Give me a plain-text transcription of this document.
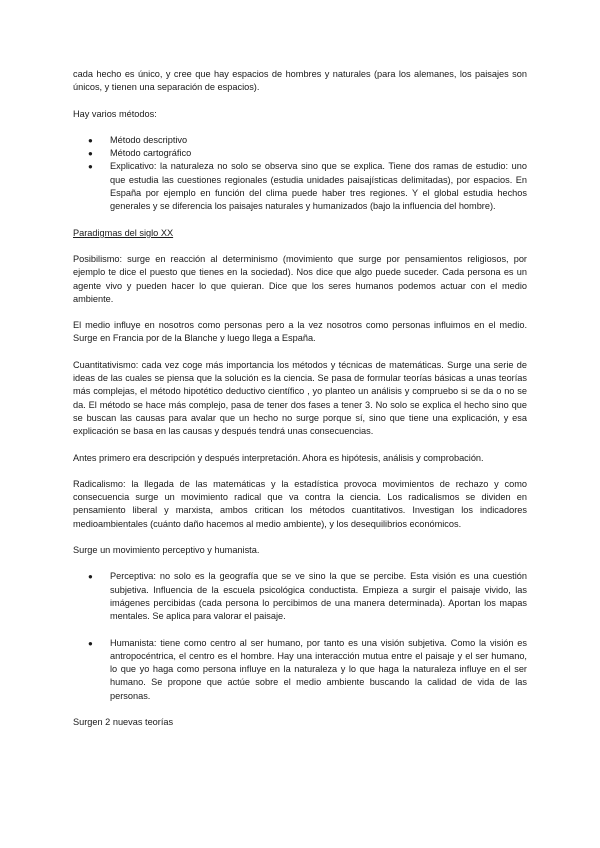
cada hecho es único, y cree que hay espacios de hombres y naturales (para los alemanes, los paisajes son únicos, y tienen una separación de espacios).

Hay varios métodos:

● Método descriptivo
● Método cartográfico
● Explicativo: la naturaleza no solo se observa sino que se explica. Tiene dos ramas de estudio: uno que estudia las cuestiones regionales (estudia unidades paisajísticas delimitadas), por espacios. En España por ejemplo en función del clima puede haber tres regiones. Y el global estudia hechos generales y se diferencia los paisajes naturales y humanizados (bajo la influencia del hombre).

Paradigmas del siglo XX

Posibilismo: surge en reacción al determinismo (movimiento que surge por pensamientos religiosos, por ejemplo te dice el puesto que tienes en la sociedad). Nos dice que algo puede suceder. Cada persona es un agente vivo y pueden hacer lo que quieran. Dice que los seres humanos podemos actuar con el medio ambiente.

El medio influye en nosotros como personas pero a la vez nosotros como personas influimos en el medio. Surge en Francia por de la Blanche y luego llega a España.

Cuantitativismo: cada vez coge más importancia los métodos y técnicas de matemáticas. Surge una serie de ideas de las cuales se piensa que la solución es la ciencia. Se pasa de formular teorías básicas a unas teorías más complejas, el método hipotético deductivo científico , yo planteo un análisis y compruebo si se da o no se da. El método se hace más complejo, pasa de tener dos fases a tener 3. No solo se explica el hecho sino que se buscan las causas para avalar que un hecho no surge porque sí, sino que tiene una explicación, y esa explicación se basa en las causas y después tendrá unas consecuencias.

Antes primero era descripción y después interpretación. Ahora es hipótesis, análisis y comprobación.

Radicalismo: la llegada de las matemáticas y la estadística provoca movimientos de rechazo y como consecuencia surge un movimiento radical que va contra la ciencia. Los radicalismos se dividen en pensamiento liberal y marxista, ambos critican los métodos cuantitativos. Investigan los indicadores medioambientales (cuánto daño hacemos al medio ambiente), y los desequilibrios económicos.

Surge un movimiento perceptivo y humanista.

● Perceptiva: no solo es la geografía que se ve sino la que se percibe. Esta visión es una cuestión subjetiva. Influencia de la escuela psicológica conductista. Empieza a surgir el paisaje vivido, las imágenes percibidas (cada persona lo percibimos de una manera determinada). Aportan los mapas mentales. Se aplica para valorar el paisaje.
● Humanista: tiene como centro al ser humano, por tanto es una visión subjetiva. Como la visión es antropocéntrica, el centro es el hombre. Hay una interacción mutua entre el paisaje y el ser humano, lo que yo haga como persona influye en la naturaleza y lo que haga la naturaleza influye en el ser humano. Se propone que actúe sobre el medio ambiente buscando la calidad de vida de las personas.

Surgen 2 nuevas teorías
